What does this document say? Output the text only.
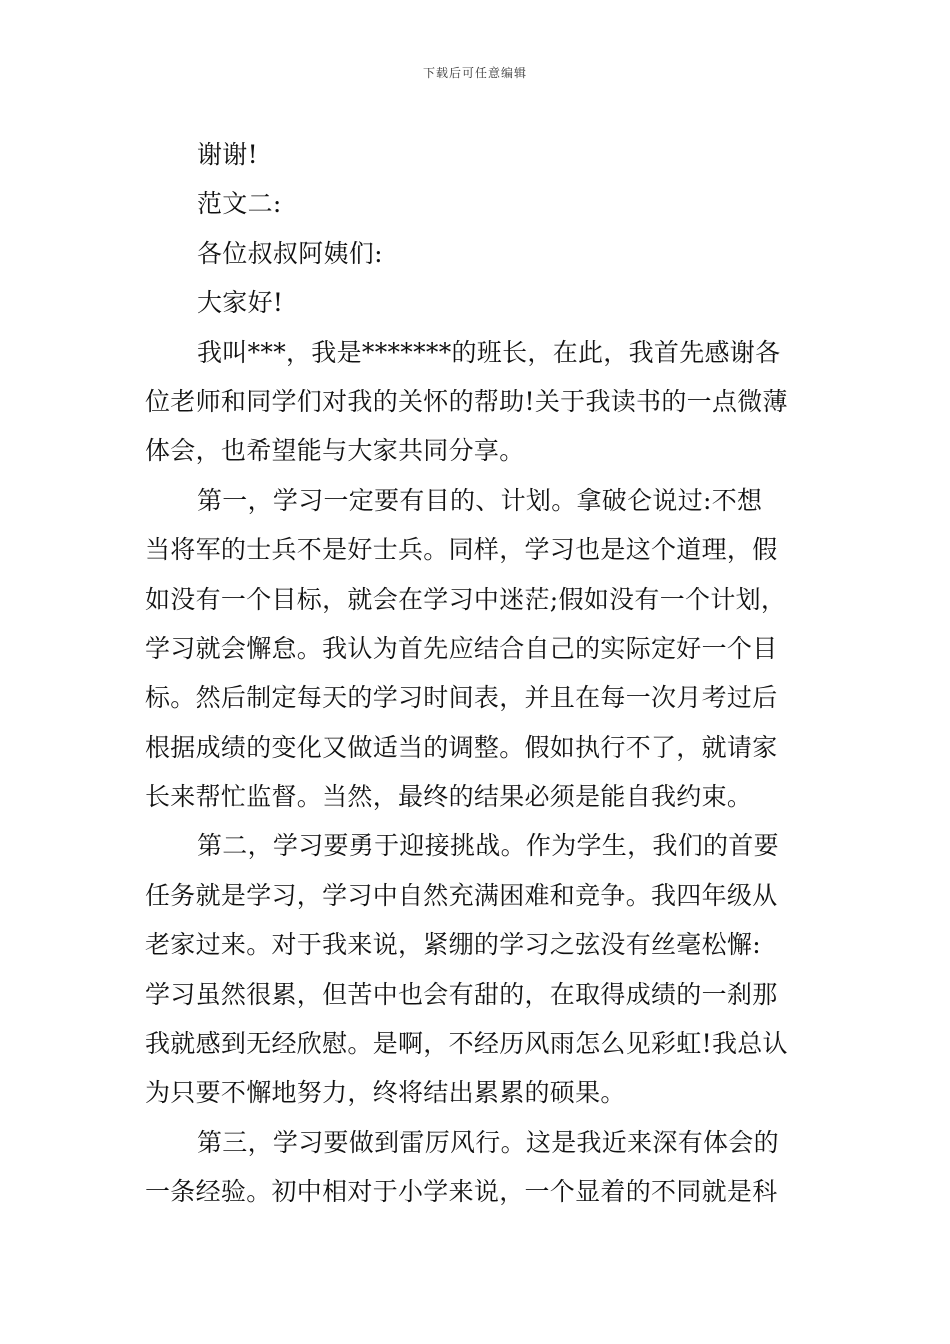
下载后可任意编辑
谢谢!
范文二:
各位叔叔阿姨们:
大家好!
我叫***，我是*******的班长，在此，我首先感谢各
位老师和同学们对我的关怀的帮助!关于我读书的一点微薄
体会，也希望能与大家共同分享。
第一，学习一定要有目的、计划。拿破仑说过:不想
当将军的士兵不是好士兵。同样，学习也是这个道理，假
如没有一个目标，就会在学习中迷茫;假如没有一个计划，
学习就会懈怠。我认为首先应结合自己的实际定好一个目
标。然后制定每天的学习时间表，并且在每一次月考过后
根据成绩的变化又做适当的调整。假如执行不了，就请家
长来帮忙监督。当然，最终的结果必须是能自我约束。
第二，学习要勇于迎接挑战。作为学生，我们的首要
任务就是学习，学习中自然充满困难和竞争。我四年级从
老家过来。对于我来说，紧绷的学习之弦没有丝毫松懈:
学习虽然很累，但苦中也会有甜的，在取得成绩的一刹那
我就感到无经欣慰。是啊，不经历风雨怎么见彩虹!我总认
为只要不懈地努力，终将结出累累的硕果。
第三，学习要做到雷厉风行。这是我近来深有体会的
一条经验。初中相对于小学来说，一个显着的不同就是科
